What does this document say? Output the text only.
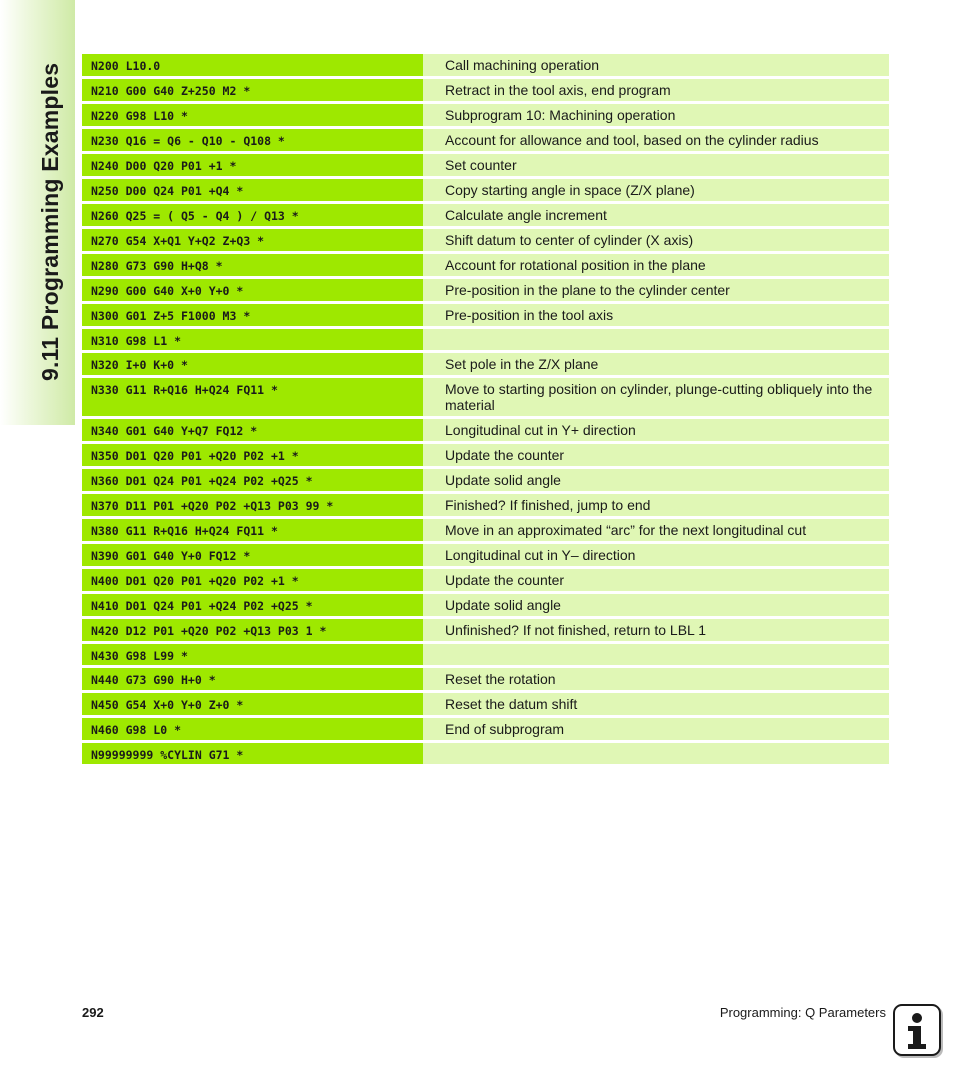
9.11 Programming Examples	N200 L10.0	Call machining operation
N210 G00 G40 Z+250 M2 *	Retract in the tool axis, end program
N220 G98 L10 *	Subprogram 10: Machining operation
N230 Q16 = Q6 - Q10 - Q108 *	Account for allowance and tool, based on the cylinder radius
N240 D00 Q20 P01 +1 *	Set counter
N250 D00 Q24 P01 +Q4 *	Copy starting angle in space (Z/X plane)
N260 Q25 = ( Q5 - Q4 ) / Q13 *	Calculate angle increment
N270 G54 X+Q1 Y+Q2 Z+Q3 *	Shift datum to center of cylinder (X axis)
N280 G73 G90 H+Q8 *	Account for rotational position in the plane
N290 G00 G40 X+0 Y+0 *	Pre-position in the plane to the cylinder center
N300 G01 Z+5 F1000 M3 *	Pre-position in the tool axis
N310 G98 L1 *
N320 I+0 K+0 *	Set pole in the Z/X plane
N330 G11 R+Q16 H+Q24 FQ11 *	Move to starting position on cylinder, plunge-cutting obliquely into the material
N340 G01 G40 Y+Q7 FQ12 *	Longitudinal cut in Y+ direction
N350 D01 Q20 P01 +Q20 P02 +1 *	Update the counter
N360 D01 Q24 P01 +Q24 P02 +Q25 *	Update solid angle
N370 D11 P01 +Q20 P02 +Q13 P03 99 *	Finished? If finished, jump to end
N380 G11 R+Q16 H+Q24 FQ11 *	Move in an approximated “arc” for the next longitudinal cut
N390 G01 G40 Y+0 FQ12 *	Longitudinal cut in Y– direction
N400 D01 Q20 P01 +Q20 P02 +1 *	Update the counter
N410 D01 Q24 P01 +Q24 P02 +Q25 *	Update solid angle
N420 D12 P01 +Q20 P02 +Q13 P03 1 *	Unfinished? If not finished, return to LBL 1
N430 G98 L99 *
N440 G73 G90 H+0 *	Reset the rotation
N450 G54 X+0 Y+0 Z+0 *	Reset the datum shift
N460 G98 L0 *	End of subprogram
N99999999 %CYLIN G71 *
292	Programming: Q Parameters
